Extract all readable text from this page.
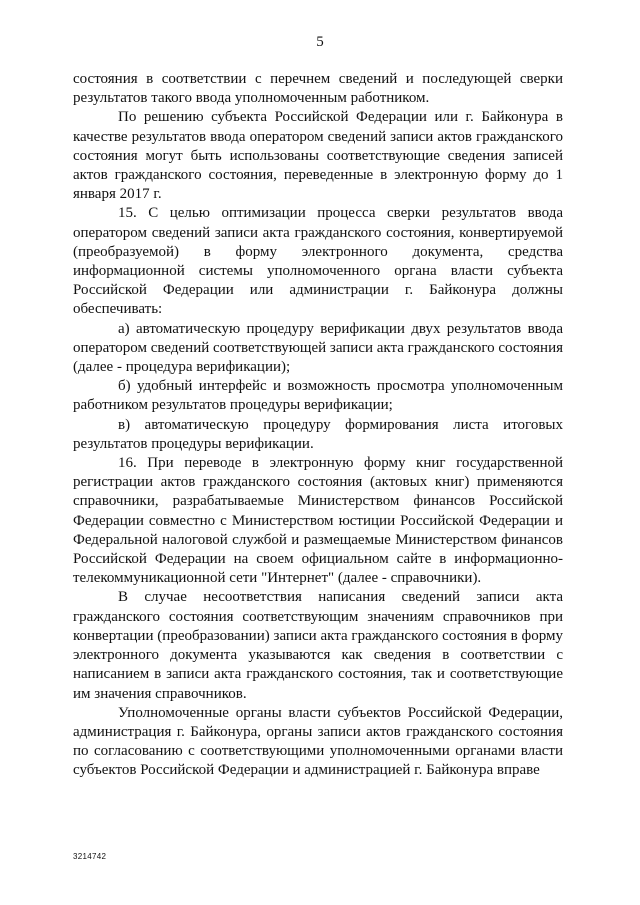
5

состояния в соответствии с перечнем сведений и последующей сверки результатов такого ввода уполномоченным работником.

По решению субъекта Российской Федерации или г. Байконура в качестве результатов ввода оператором сведений записи актов гражданского состояния могут быть использованы соответствующие сведения записей актов гражданского состояния, переведенные в электронную форму до 1 января 2017 г.

15. С целью оптимизации процесса сверки результатов ввода оператором сведений записи акта гражданского состояния, конвертируемой (преобразуемой) в форму электронного документа, средства информационной системы уполномоченного органа власти субъекта Российской Федерации или администрации г. Байконура должны обеспечивать:

а) автоматическую процедуру верификации двух результатов ввода оператором сведений соответствующей записи акта гражданского состояния (далее - процедура верификации);

б) удобный интерфейс и возможность просмотра уполномоченным работником результатов процедуры верификации;

в) автоматическую процедуру формирования листа итоговых результатов процедуры верификации.

16. При переводе в электронную форму книг государственной регистрации актов гражданского состояния (актовых книг) применяются справочники, разрабатываемые Министерством финансов Российской Федерации совместно с Министерством юстиции Российской Федерации и Федеральной налоговой службой и размещаемые Министерством финансов Российской Федерации на своем официальном сайте в информационно-телекоммуникационной сети "Интернет" (далее - справочники).

В случае несоответствия написания сведений записи акта гражданского состояния соответствующим значениям справочников при конвертации (преобразовании) записи акта гражданского состояния в форму электронного документа указываются как сведения в соответствии с написанием в записи акта гражданского состояния, так и соответствующие им значения справочников.

Уполномоченные органы власти субъектов Российской Федерации, администрация г. Байконура, органы записи актов гражданского состояния по согласованию с соответствующими уполномоченными органами власти субъектов Российской Федерации и администрацией г. Байконура вправе

3214742
